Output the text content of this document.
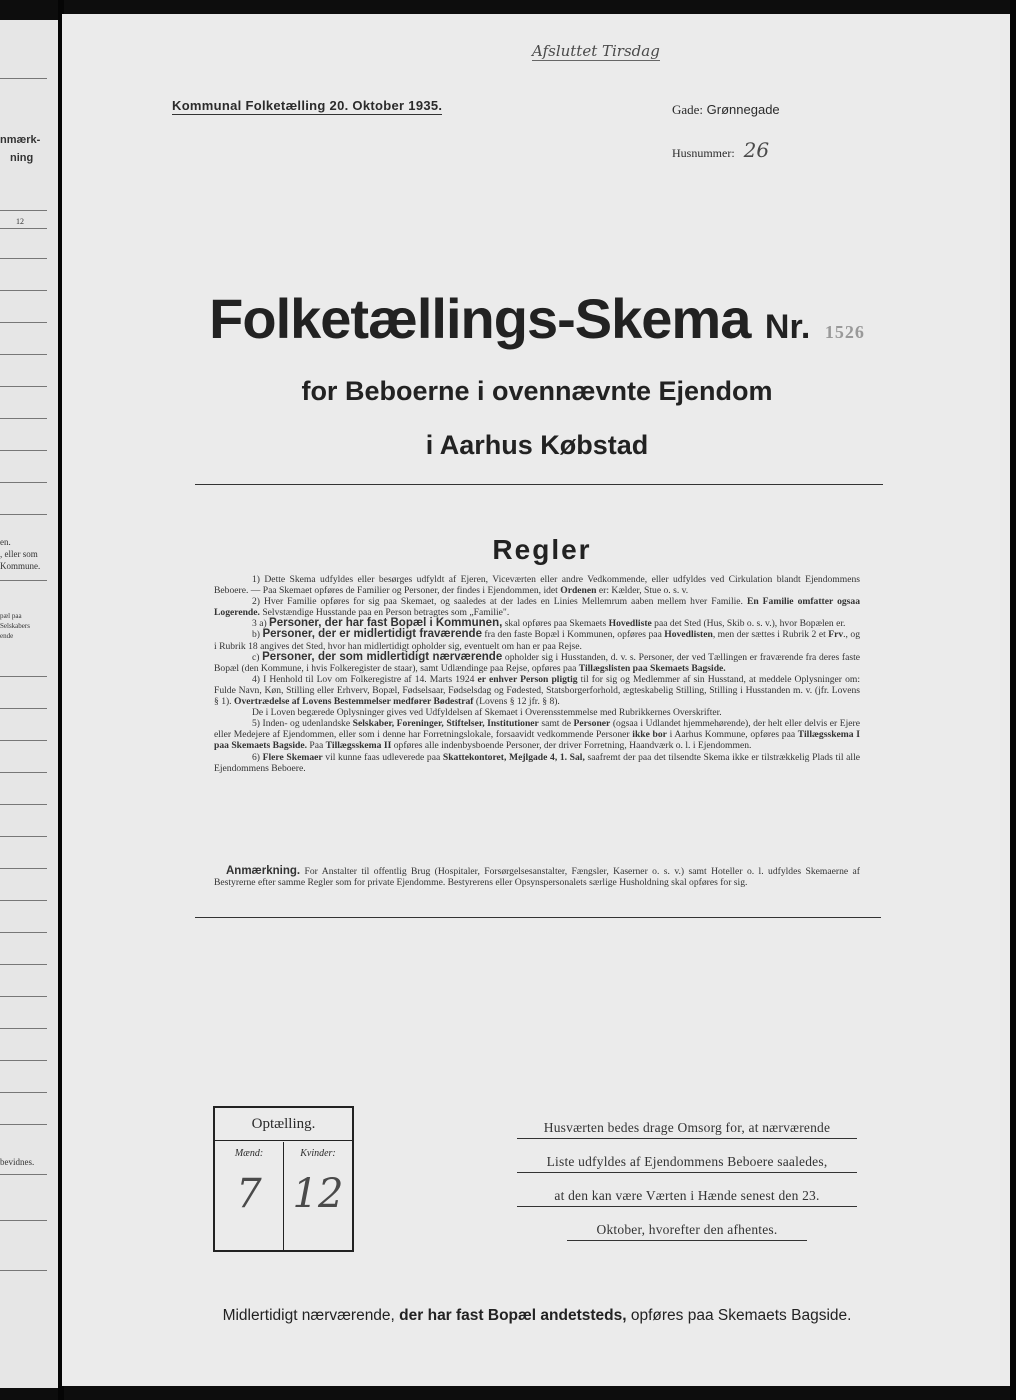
nmærk-
ning
12
en.
, eller som
Kommune.
pæl paa
Selskabers
ende
bevidnes.
Afsluttet Tirsdag
Kommunal Folketælling 20. Oktober 1935.	Gade: Grønnegade
Husnummer: 26
Folketællings-Skema Nr. 1526
for Beboerne i ovennævnte Ejendom
i Aarhus Købstad
Regler

1) Dette Skema udfyldes eller besørges udfyldt af Ejeren, Viceværten eller andre Vedkommende, eller udfyldes ved Cirkulation blandt Ejendommens Beboere. — Paa Skemaet opføres de Familier og Personer, der findes i Ejendommen, idet Ordenen er: Kælder, Stue o. s. v.

2) Hver Familie opføres for sig paa Skemaet, og saaledes at der lades en Linies Mellemrum aaben mellem hver Familie. En Familie omfatter ogsaa Logerende. Selvstændige Husstande paa en Person betragtes som „Familie".

3 a) Personer, der har fast Bopæl i Kommunen, skal opføres paa Skemaets Hovedliste paa det Sted (Hus, Skib o. s. v.), hvor Bopælen er.

b) Personer, der er midlertidigt fraværende fra den faste Bopæl i Kommunen, opføres paa Hovedlisten, men der sættes i Rubrik 2 et Frv., og i Rubrik 18 angives det Sted, hvor han midlertidigt opholder sig, eventuelt om han er paa Rejse.

c) Personer, der som midlertidigt nærværende opholder sig i Husstanden, d. v. s. Personer, der ved Tællingen er fraværende fra deres faste Bopæl (den Kommune, i hvis Folkeregister de staar), samt Udlændinge paa Rejse, opføres paa Tillægslisten paa Skemaets Bagside.

4) I Henhold til Lov om Folkeregistre af 14. Marts 1924 er enhver Person pligtig til for sig og Medlemmer af sin Husstand, at meddele Oplysninger om: Fulde Navn, Køn, Stilling eller Erhverv, Bopæl, Fødselsaar, Fødselsdag og Fødested, Statsborgerforhold, ægteskabelig Stilling, Stilling i Husstanden m. v. (jfr. Lovens § 1). Overtrædelse af Lovens Bestemmelser medfører Bødestraf (Lovens § 12 jfr. § 8).

De i Loven begærede Oplysninger gives ved Udfyldelsen af Skemaet i Overensstemmelse med Rubrikkernes Overskrifter.

5) Inden- og udenlandske Selskaber, Foreninger, Stiftelser, Institutioner samt de Personer (ogsaa i Udlandet hjemmehørende), der helt eller delvis er Ejere eller Medejere af Ejendommen, eller som i denne har Forretningslokale, forsaavidt vedkommende Personer ikke bor i Aarhus Kommune, opføres paa Tillægsskema I paa Skemaets Bagside. Paa Tillægsskema II opføres alle indenbysboende Personer, der driver Forretning, Haandværk o. l. i Ejendommen.

6) Flere Skemaer vil kunne faas udleverede paa Skattekontoret, Mejlgade 4, 1. Sal, saafremt der paa det tilsendte Skema ikke er tilstrækkelig Plads til alle Ejendommens Beboere.

Anmærkning. For Anstalter til offentlig Brug (Hospitaler, Forsørgelsesanstalter, Fængsler, Kaserner o. s. v.) samt Hoteller o. l. udfyldes Skemaerne af Bestyrerne efter samme Regler som for private Ejendomme. Bestyrerens eller Opsynspersonalets særlige Husholdning skal opføres for sig.
Optælling.
Mænd:
7
Kvinder:
12
Husværten bedes drage Omsorg for, at nærværende
Liste udfyldes af Ejendommens Beboere saaledes,
at den kan være Værten i Hænde senest den 23.
Oktober, hvorefter den afhentes.
Midlertidigt nærværende, der har fast Bopæl andetsteds, opføres paa Skemaets Bagside.
